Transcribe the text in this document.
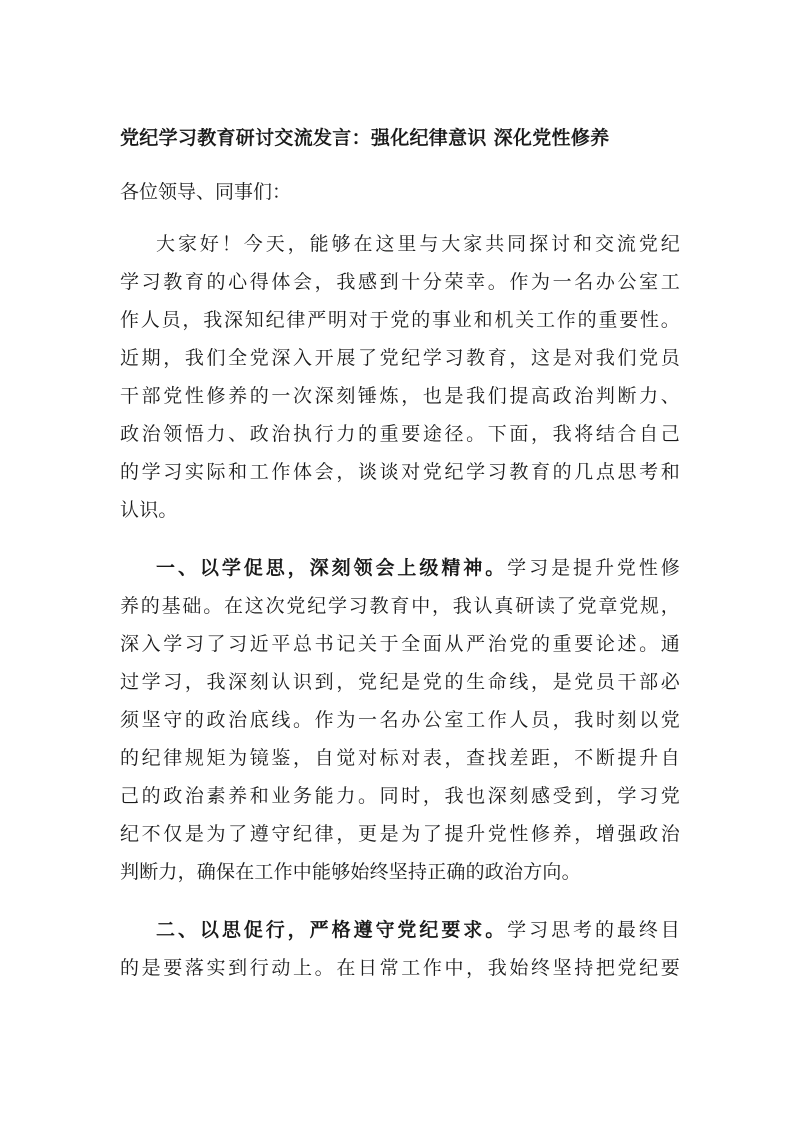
党纪学习教育研讨交流发言：强化纪律意识 深化党性修养
各位领导、同事们：
大家好！今天，能够在这里与大家共同探讨和交流党纪
学习教育的心得体会，我感到十分荣幸。作为一名办公室工
作人员，我深知纪律严明对于党的事业和机关工作的重要性。
近期，我们全党深入开展了党纪学习教育，这是对我们党员
干部党性修养的一次深刻锤炼，也是我们提高政治判断力、
政治领悟力、政治执行力的重要途径。下面，我将结合自己
的学习实际和工作体会，谈谈对党纪学习教育的几点思考和
认识。
一、以学促思，深刻领会上级精神。学习是提升党性修
养的基础。在这次党纪学习教育中，我认真研读了党章党规，
深入学习了习近平总书记关于全面从严治党的重要论述。通
过学习，我深刻认识到，党纪是党的生命线，是党员干部必
须坚守的政治底线。作为一名办公室工作人员，我时刻以党
的纪律规矩为镜鉴，自觉对标对表，查找差距，不断提升自
己的政治素养和业务能力。同时，我也深刻感受到，学习党
纪不仅是为了遵守纪律，更是为了提升党性修养，增强政治
判断力，确保在工作中能够始终坚持正确的政治方向。
二、以思促行，严格遵守党纪要求。学习思考的最终目
的是要落实到行动上。在日常工作中，我始终坚持把党纪要
